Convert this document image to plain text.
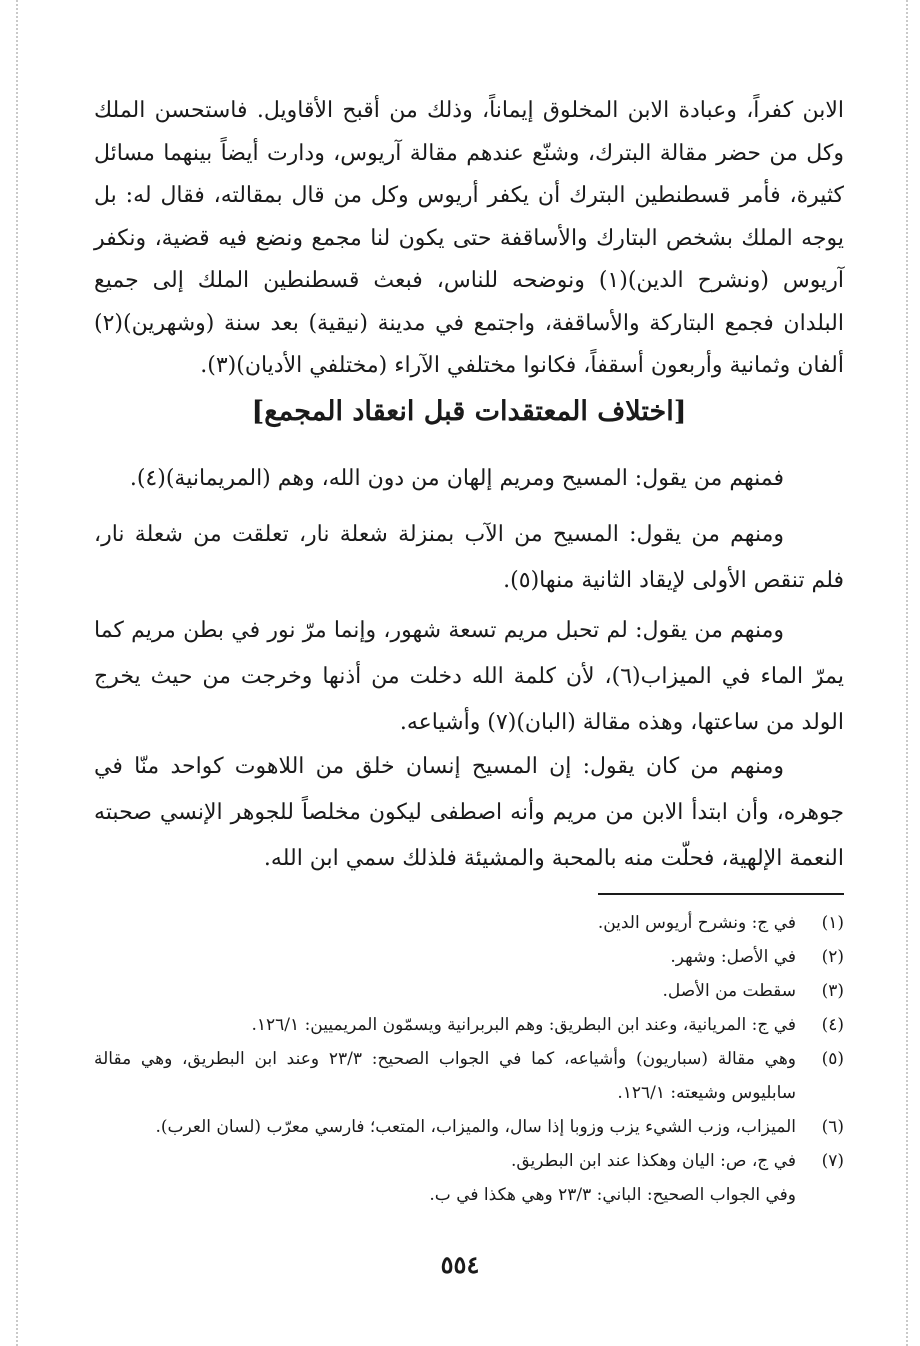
الابن كفراً، وعبادة الابن المخلوق إيماناً، وذلك من أقبح الأقاويل. فاستحسن الملك وكل من حضر مقالة البترك، وشنّع عندهم مقالة آريوس، ودارت أيضاً بينهما مسائل كثيرة، فأمر قسطنطين البترك أن يكفر أريوس وكل من قال بمقالته، فقال له: بل يوجه الملك بشخص البتارك والأساقفة حتى يكون لنا مجمع ونضع فيه قضية، ونكفر آريوس (ونشرح الدين)(١) ونوضحه للناس، فبعث قسطنطين الملك إلى جميع البلدان فجمع البتاركة والأساقفة، واجتمع في مدينة (نيقية) بعد سنة (وشهرين)(٢) ألفان وثمانية وأربعون أسقفاً، فكانوا مختلفي الآراء (مختلفي الأديان)(٣).
[اختلاف المعتقدات قبل انعقاد المجمع]
فمنهم من يقول: المسيح ومريم إلهان من دون الله، وهم (المريمانية)(٤).
ومنهم من يقول: المسيح من الآب بمنزلة شعلة نار، تعلقت من شعلة نار، فلم تنقص الأولى لإيقاد الثانية منها(٥).
ومنهم من يقول: لم تحبل مريم تسعة شهور، وإنما مرّ نور في بطن مريم كما يمرّ الماء في الميزاب(٦)، لأن كلمة الله دخلت من أذنها وخرجت من حيث يخرج الولد من ساعتها، وهذه مقالة (البان)(٧) وأشياعه.
ومنهم من كان يقول: إن المسيح إنسان خلق من اللاهوت كواحد منّا في جوهره، وأن ابتدأ الابن من مريم وأنه اصطفى ليكون مخلصاً للجوهر الإنسي صحبته النعمة الإلهية، فحلّت منه بالمحبة والمشيئة فلذلك سمي ابن الله.
(١)
في ج: ونشرح أريوس الدين.
(٢)
في الأصل: وشهر.
(٣)
سقطت من الأصل.
(٤)
في ج: المريانية، وعند ابن البطريق: وهم البربرانية ويسمّون المريميين: ١٢٦/١.
(٥)
وهي مقالة (سباريون) وأشياعه، كما في الجواب الصحيح: ٢٣/٣ وعند ابن البطريق، وهي مقالة سابليوس وشيعته: ١٢٦/١.
(٦)
الميزاب، وزب الشيء يزب وزوبا إذا سال، والميزاب، المتعب؛ فارسي معرّب (لسان العرب).
(٧)
في ج، ص: اليان وهكذا عند ابن البطريق.
وفي الجواب الصحيح: الباني: ٢٣/٣ وهي هكذا في ب.
٥٥٤
